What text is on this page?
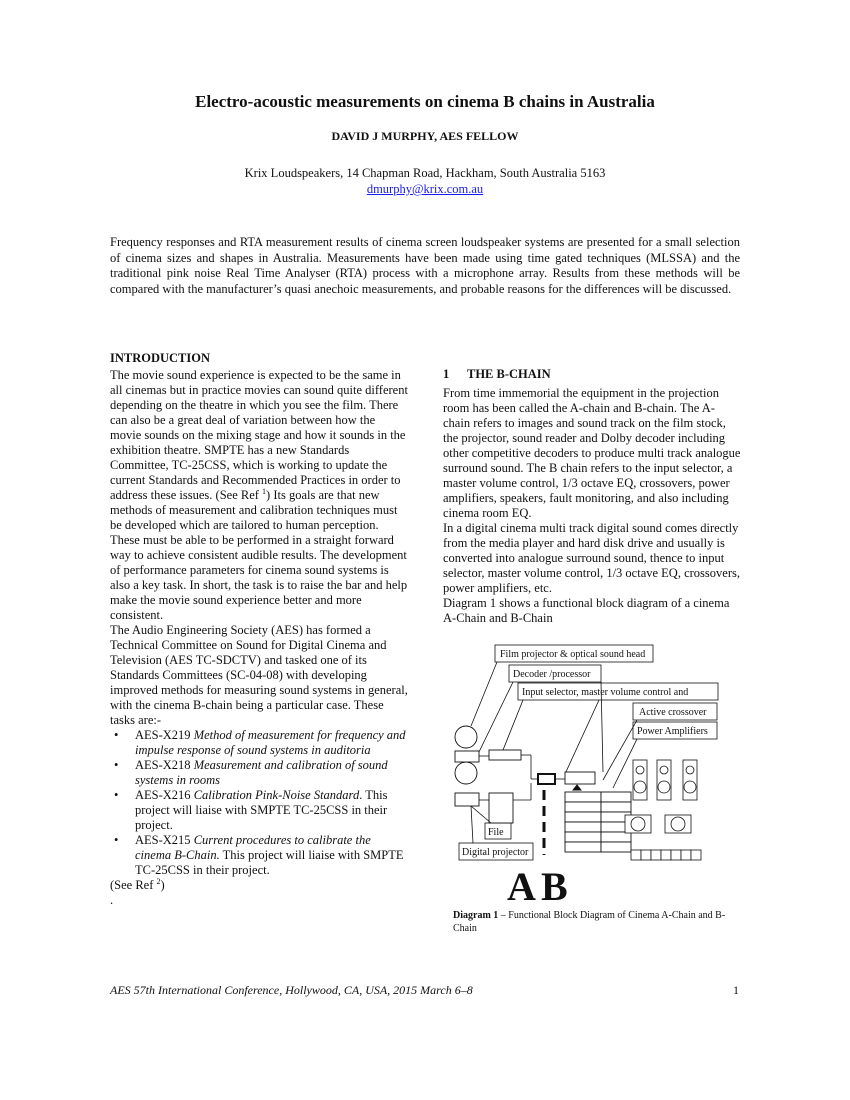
Electro-acoustic measurements on cinema B chains in Australia
DAVID J MURPHY, AES FELLOW
Krix Loudspeakers, 14 Chapman Road, Hackham, South Australia 5163
dmurphy@krix.com.au

Frequency responses and RTA measurement results of cinema screen loudspeaker systems are presented for a small selection of cinema sizes and shapes in Australia. Measurements have been made using time gated techniques (MLSSA) and the traditional pink noise Real Time Analyser (RTA) process with a microphone array. Results from these methods will be compared with the manufacturer’s quasi anechoic measurements, and probable reasons for the differences will be discussed.

INTRODUCTION

The movie sound experience is expected to be the same in all cinemas but in practice movies can sound quite different depending on the theatre in which you see the film. There can also be a great deal of variation between how the movie sounds on the mixing stage and how it sounds in the exhibition theatre. SMPTE has a new Standards Committee, TC-25CSS, which is working to update the current Standards and Recommended Practices in order to address these issues. (See Ref $^1$) Its goals are that new methods of measurement and calibration techniques must be developed which are tailored to human perception. These must be able to be performed in a straight forward way to achieve consistent audible results. The development of performance parameters for cinema sound systems is also a key task. In short, the task is to raise the bar and help make the movie sound experience better and more consistent.

The Audio Engineering Society (AES) has formed a Technical Committee on Sound for Digital Cinema and Television (AES TC-SDCTV) and tasked one of its Standards Committees (SC-04-08) with developing improved methods for measuring sound systems in general, with the cinema B-chain being a particular case. These tasks are:-

• AES-X219 Method of measurement for frequency and impulse response of sound systems in auditoria
• AES-X218 Measurement and calibration of sound systems in rooms
• AES-X216 Calibration Pink-Noise Standard. This project will liaise with SMPTE TC-25CSS in their project.
• AES-X215 Current procedures to calibrate the cinema B-Chain. This project will liaise with SMPTE TC-25CSS in their project.

(See Ref $^2$)

.

1 THE B-CHAIN

From time immemorial the equipment in the projection room has been called the A-chain and B-chain. The A-chain refers to images and sound track on the film stock, the projector, sound reader and Dolby decoder including other competitive decoders to produce multi track analogue surround sound. The B chain refers to the input selector, a master volume control, 1/3 octave EQ, crossovers, power amplifiers, speakers, fault monitoring, and also including cinema room EQ.

In a digital cinema multi track digital sound comes directly from the media player and hard disk drive and usually is converted into analogue surround sound, thence to input selector, master volume control, 1/3 octave EQ, crossovers, power amplifiers, etc.

Diagram 1 shows a functional block diagram of a cinema A-Chain and B-Chain

Film projector & optical sound head
Decoder /processor
Input selector, master volume control and
Active crossover
Power Amplifiers
File
Digital projector
A B
Diagram 1 – Functional Block Diagram of Cinema A-Chain and B-Chain
AES 57th International Conference, Hollywood, CA, USA, 2015 March 6–8	1
